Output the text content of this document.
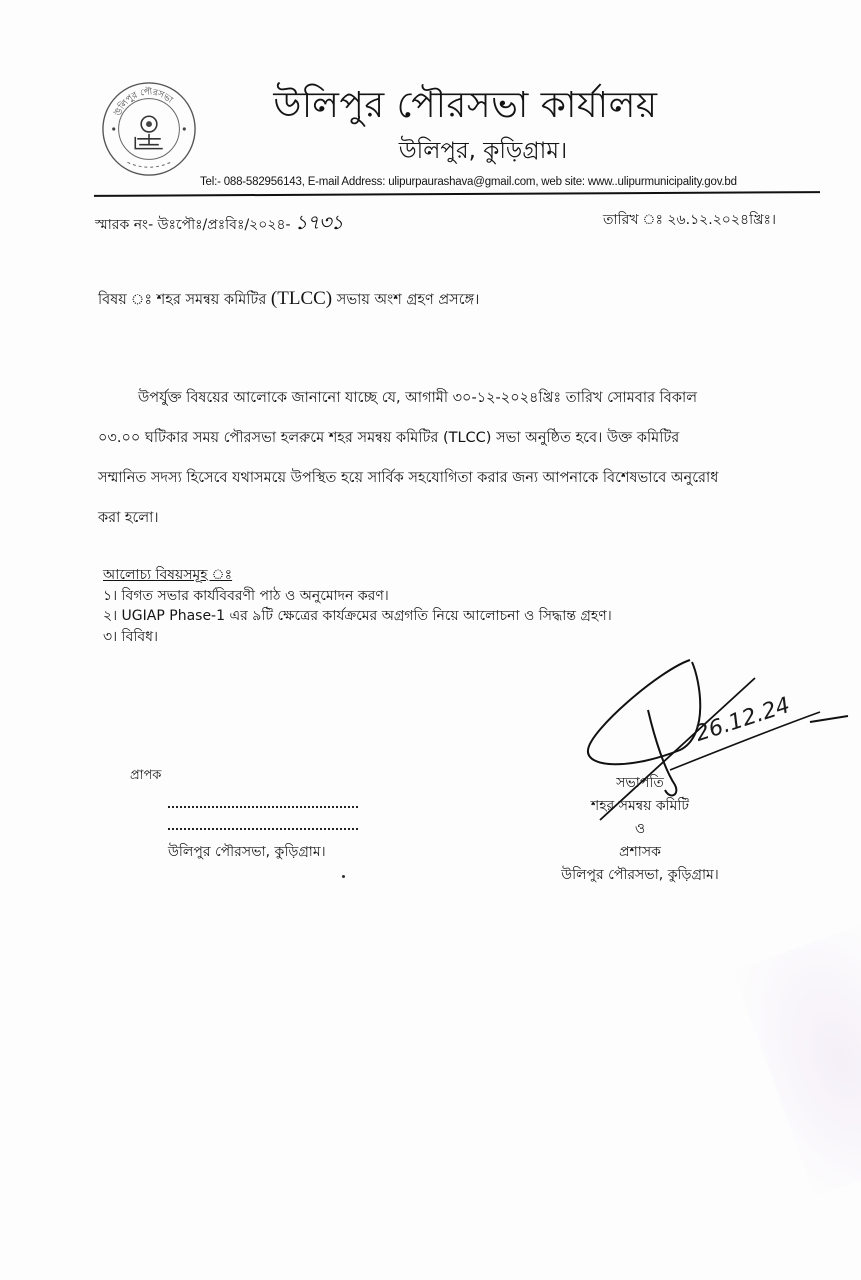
উলিপুর পৌরসভা	উলিপুর পৌরসভা কার্যালয়
উলিপুর, কুড়িগ্রাম।
Tel:- 088-582956143, E-mail Address: ulipurpaurashava@gmail.com, web site: www..ulipurmunicipality.gov.bd
স্মারক নং- উঃপৌঃ/প্রঃবিঃ/২০২৪- ১৭৩১	তারিখ ঃ ২৬.১২.২০২৪খ্রিঃ।
বিষয় ঃ শহর সমন্বয় কমিটির (TLCC) সভায় অংশ গ্রহণ প্রসঙ্গে।
উপর্যুক্ত বিষয়ের আলোকে জানানো যাচ্ছে যে, আগামী ৩০-১২-২০২৪খ্রিঃ তারিখ সোমবার বিকাল
০৩.০০ ঘটিকার সময় পৌরসভা হলরুমে শহর সমন্বয় কমিটির (TLCC) সভা অনুষ্ঠিত হবে। উক্ত কমিটির
সম্মানিত সদস্য হিসেবে যথাসময়ে উপস্থিত হয়ে সার্বিক সহযোগিতা করার জন্য আপনাকে বিশেষভাবে অনুরোধ
করা হলো।
আলোচ্য বিষয়সমূহ ঃ
১। বিগত সভার কার্যবিবরণী পাঠ ও অনুমোদন করণ।
২। UGIAP Phase-1 এর ৯টি ক্ষেত্রের কার্যক্রমের অগ্রগতি নিয়ে আলোচনা ও সিদ্ধান্ত গ্রহণ।
৩। বিবিধ।
26.12.24
সভাপতি
শহর সমন্বয় কমিটি
ও
প্রশাসক
উলিপুর পৌরসভা, কুড়িগ্রাম।
প্রাপক
উলিপুর পৌরসভা, কুড়িগ্রাম।
